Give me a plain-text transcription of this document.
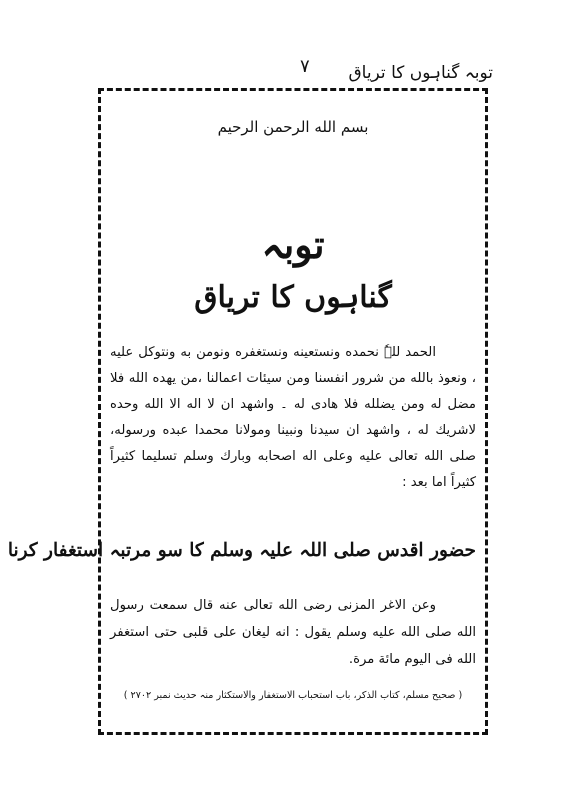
توبہ گناہوں کا تریاق
۷
بسم الله الرحمن الرحیم
توبہ
گناہوں کا تریاق

الحمد للہٗ نحمده ونستعينه ونستغفره ونومن به ونتوكل عليه ، ونعوذ بالله من شرور انفسنا ومن سيئات اعمالنا ،من يهده الله فلا مضل له ومن يضلله فلا هادى له ۔ واشهد ان لا اله الا الله وحده لاشريك له ، واشهد ان سيدنا ونبينا ومولانا محمدا عبده ورسوله، صلى الله تعالى عليه وعلى اله اصحابه وبارك وسلم تسليما كثيراً كثيراً اما بعد :

حضور اقدس صلی اللہ علیہ وسلم کا سو مرتبہ استغفار کرنا

وعن الاغر المزنى رضى الله تعالى عنه قال سمعت رسول الله صلى الله عليه وسلم يقول : انه ليغان على قلبى حتى استغفر الله فى اليوم مائة مرة.

( صحیح مسلم، کتاب الذکر، باب استحباب الاستغفار والاستکثار منہ حدیث نمبر ۲۷۰۲ )
